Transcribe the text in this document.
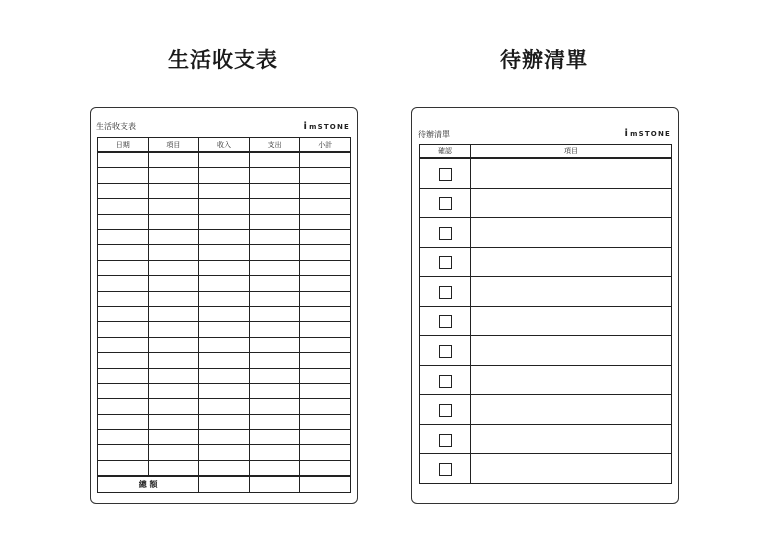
生活收支表	待辦清單
生活收支表	imSTONE
日期	項目	收入	支出	小計

總 額				
待辦清單	imSTONE
確認	項目
